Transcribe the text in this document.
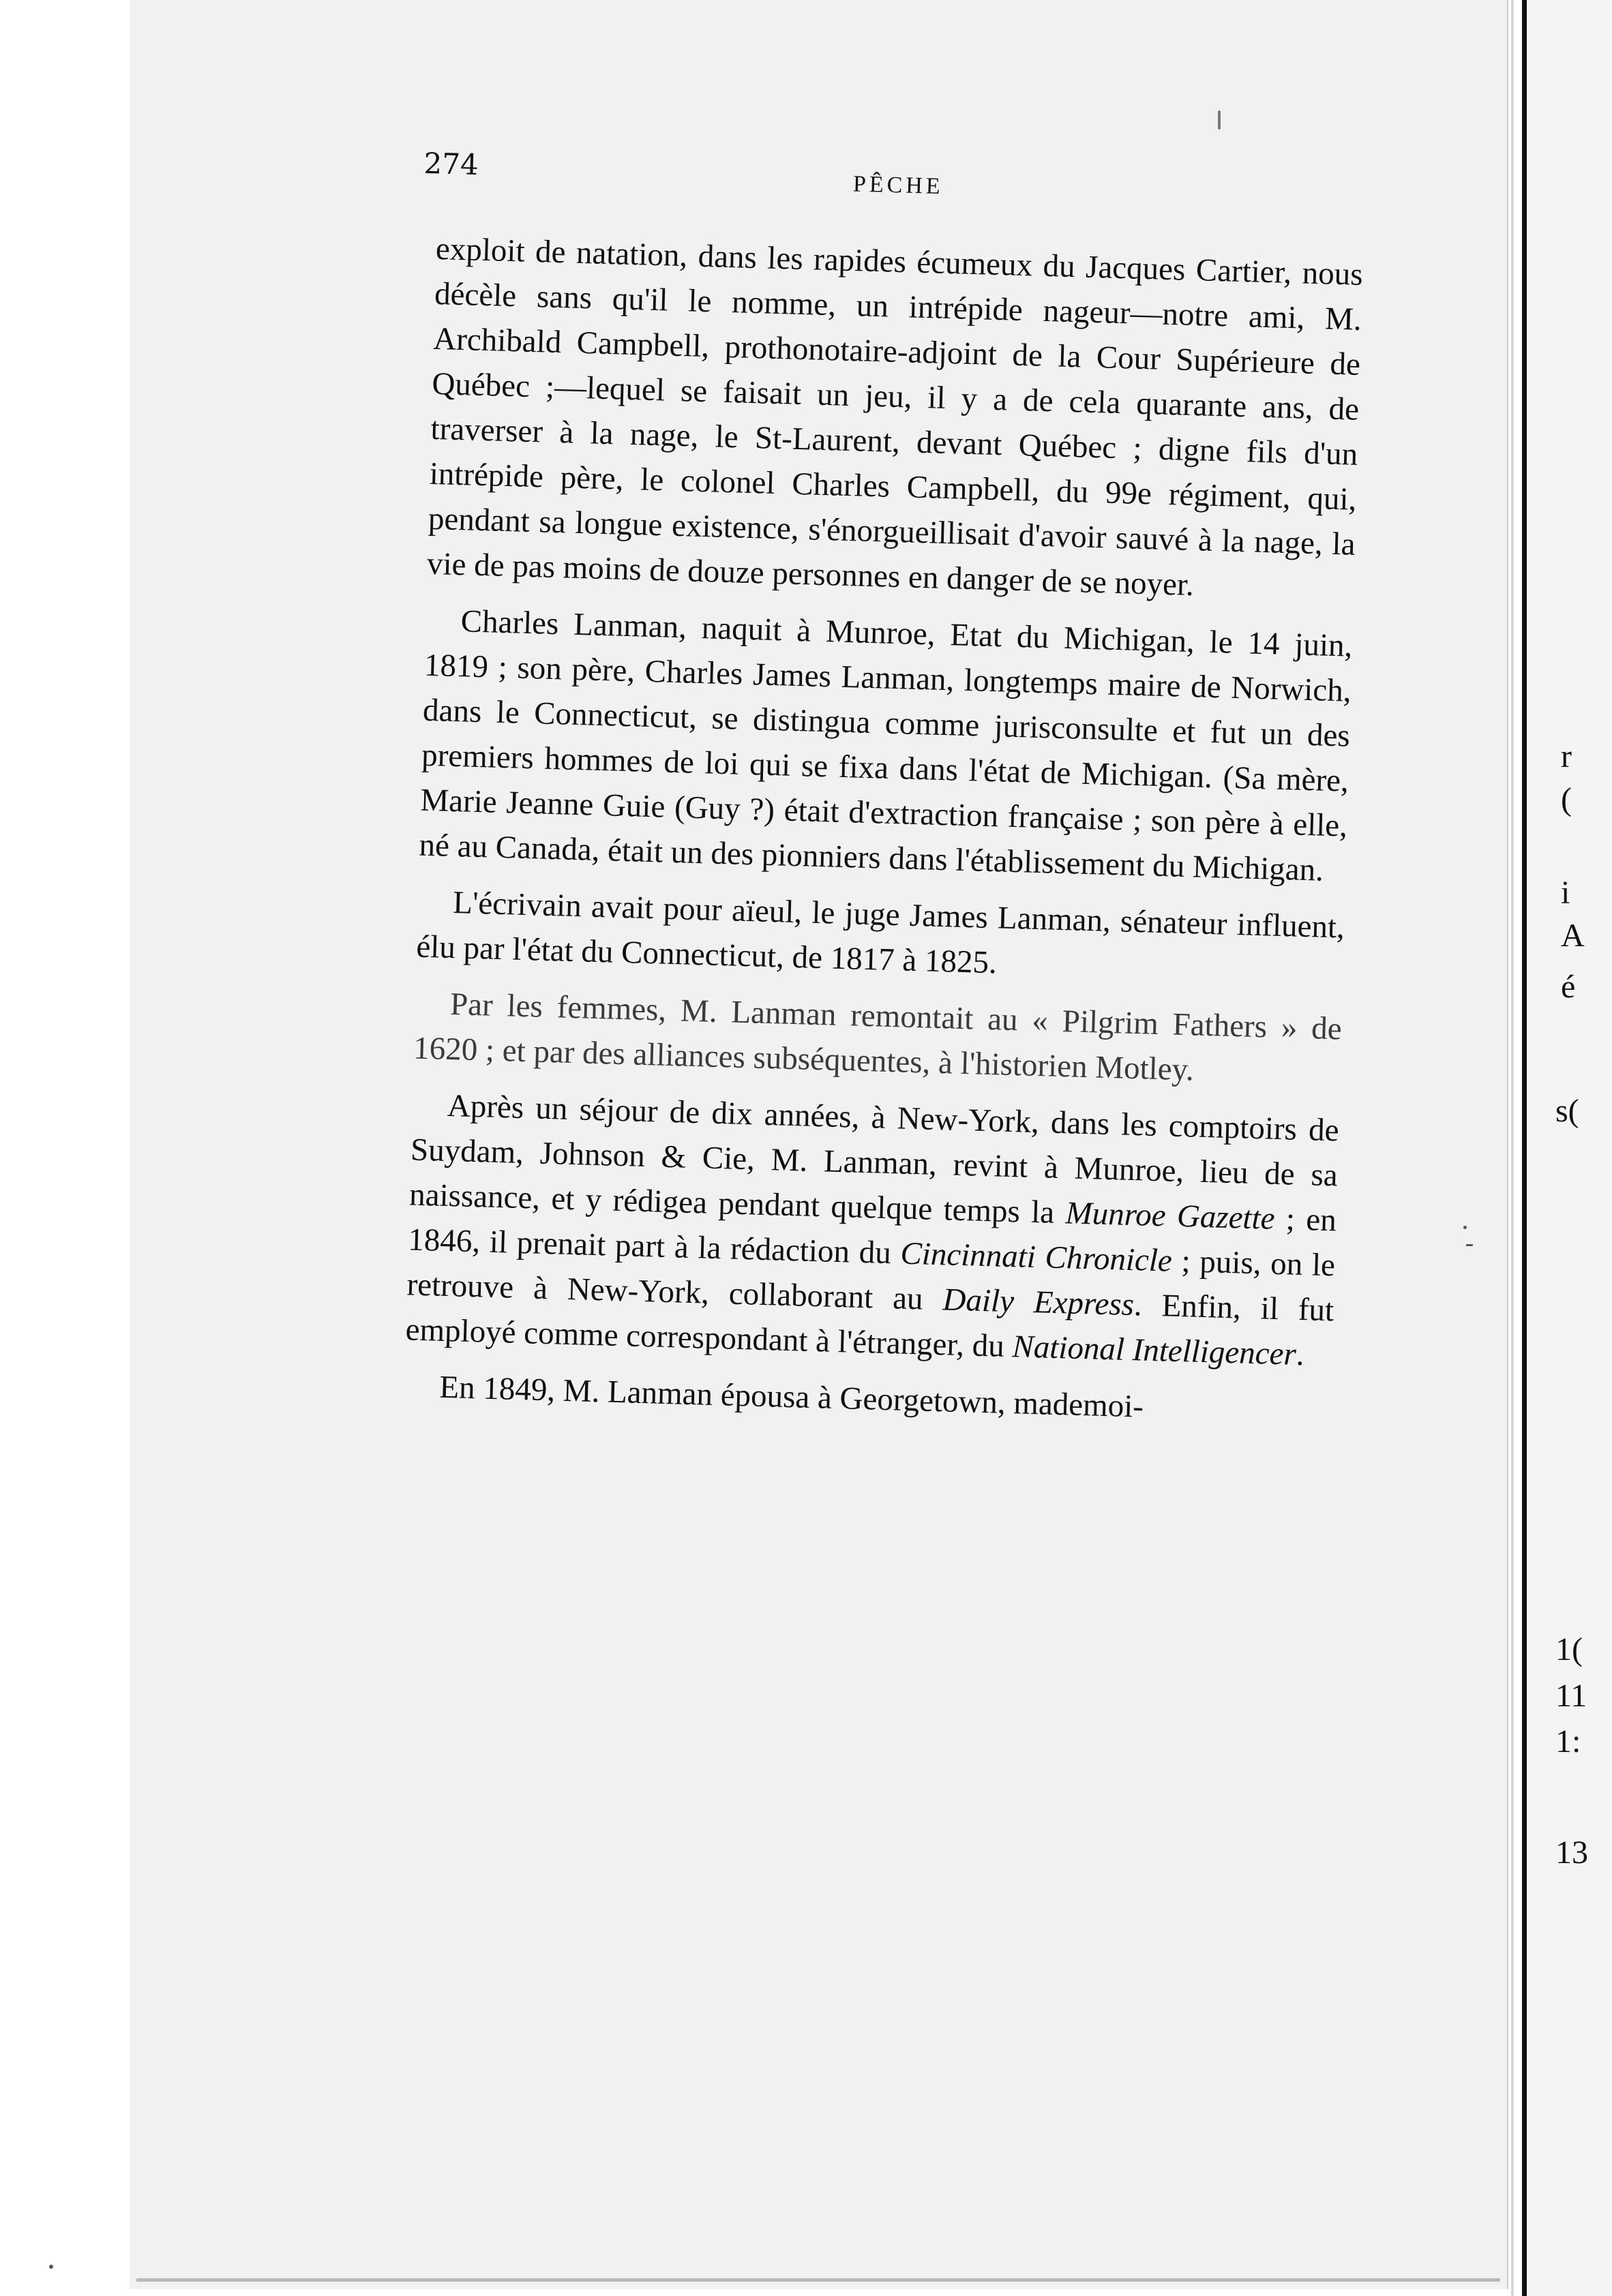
r
(
i
A
é
s(
1(
11
1:
13
274
PÊCHE

exploit de natation, dans les rapides écumeux du Jacques Cartier, nous décèle sans qu'il le nomme, un intrépide nageur—notre ami, M. Archibald Campbell, prothonotaire-adjoint de la Cour Supérieure de Québec ;—lequel se faisait un jeu, il y a de cela quarante ans, de traverser à la nage, le St-Laurent, devant Québec ; digne fils d'un intrépide père, le colonel Charles Campbell, du 99e régiment, qui, pendant sa longue existence, s'énorgueillisait d'avoir sauvé à la nage, la vie de pas moins de douze personnes en danger de se noyer.

Charles Lanman, naquit à Munroe, Etat du Michigan, le 14 juin, 1819 ; son père, Charles James Lanman, longtemps maire de Norwich, dans le Connecticut, se distingua comme jurisconsulte et fut un des premiers hommes de loi qui se fixa dans l'état de Michigan. (Sa mère, Marie Jeanne Guie (Guy ?) était d'extraction française ; son père à elle, né au Canada, était un des pionniers dans l'établissement du Michigan.

L'écrivain avait pour aïeul, le juge James Lanman, sénateur influent, élu par l'état du Connecticut, de 1817 à 1825.

Par les femmes, M. Lanman remontait au « Pilgrim Fathers » de 1620 ; et par des alliances subséquentes, à l'historien Motley.

Après un séjour de dix années, à New-York, dans les comptoirs de Suydam, Johnson & Cie, M. Lanman, revint à Munroe, lieu de sa naissance, et y rédigea pendant quelque temps la Munroe Gazette ; en 1846, il prenait part à la rédaction du Cincinnati Chronicle ; puis, on le retrouve à New-York, collaborant au Daily Express. Enfin, il fut employé comme correspondant à l'étranger, du National Intelligencer.

En 1849, M. Lanman épousa à Georgetown, mademoi-
